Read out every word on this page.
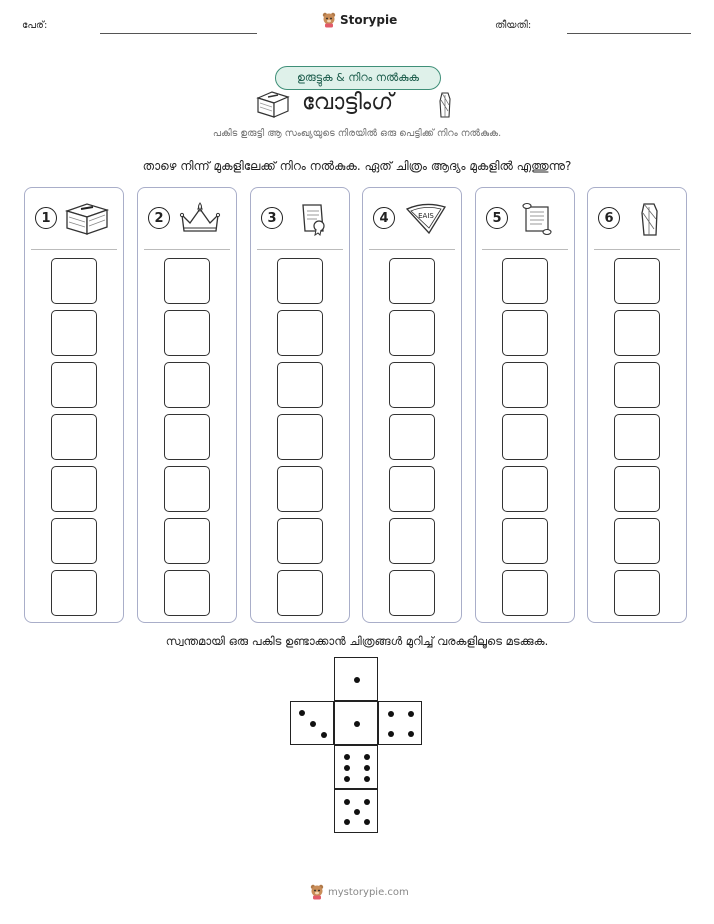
പേര്:	Storypie	തീയതി:
ഉരുട്ടുക & നിറം നൽകുക
വോട്ടിംഗ്
പകിട ഉരുട്ടി ആ സംഖ്യയുടെ നിരയിൽ ഒരു പെട്ടിക്ക് നിറം നൽകുക.
താഴെ നിന്ന് മുകളിലേക്ക് നിറം നൽകുക. ഏത് ചിത്രം ആദ്യം മുകളിൽ എത്തുന്നു?
1	2	3	4	EAIS	5	6
സ്വന്തമായി ഒരു പകിട ഉണ്ടാക്കാൻ ചിത്രങ്ങൾ മുറിച്ച് വരകളിലൂടെ മടക്കുക.
mystorypie.com
